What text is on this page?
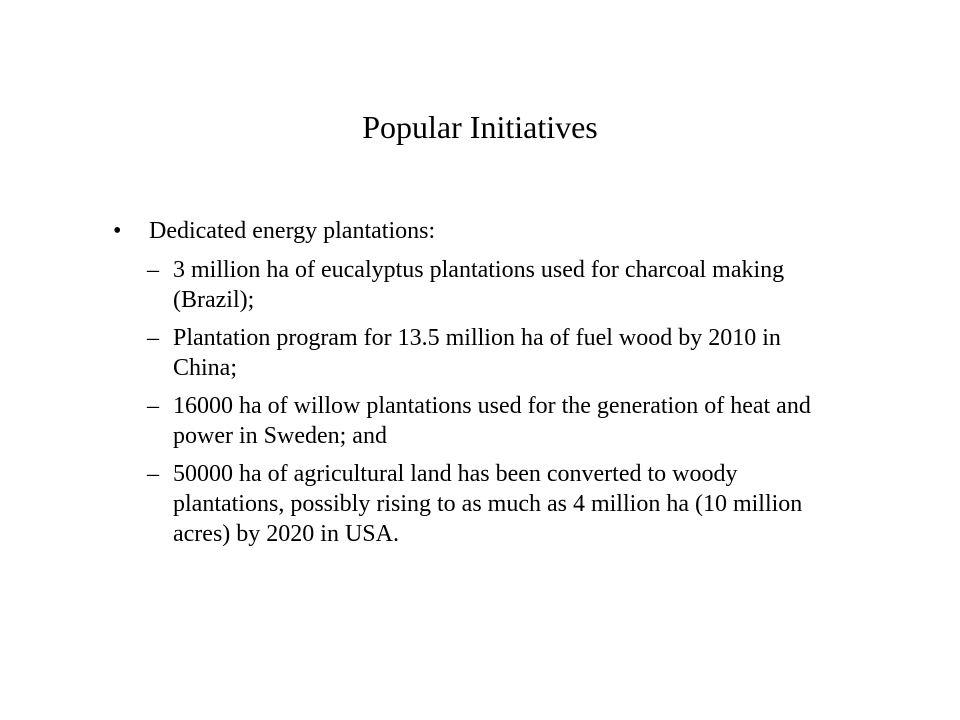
Popular Initiatives
•	Dedicated energy plantations:
– 3 million ha of eucalyptus plantations used for charcoal making (Brazil);
– Plantation program for 13.5 million ha of fuel wood by 2010 in China;
– 16000 ha of willow plantations used for the generation of heat and power in Sweden; and
– 50000 ha of agricultural land has been converted to woody plantations, possibly rising to as much as 4 million ha (10 million acres) by 2020 in USA.
